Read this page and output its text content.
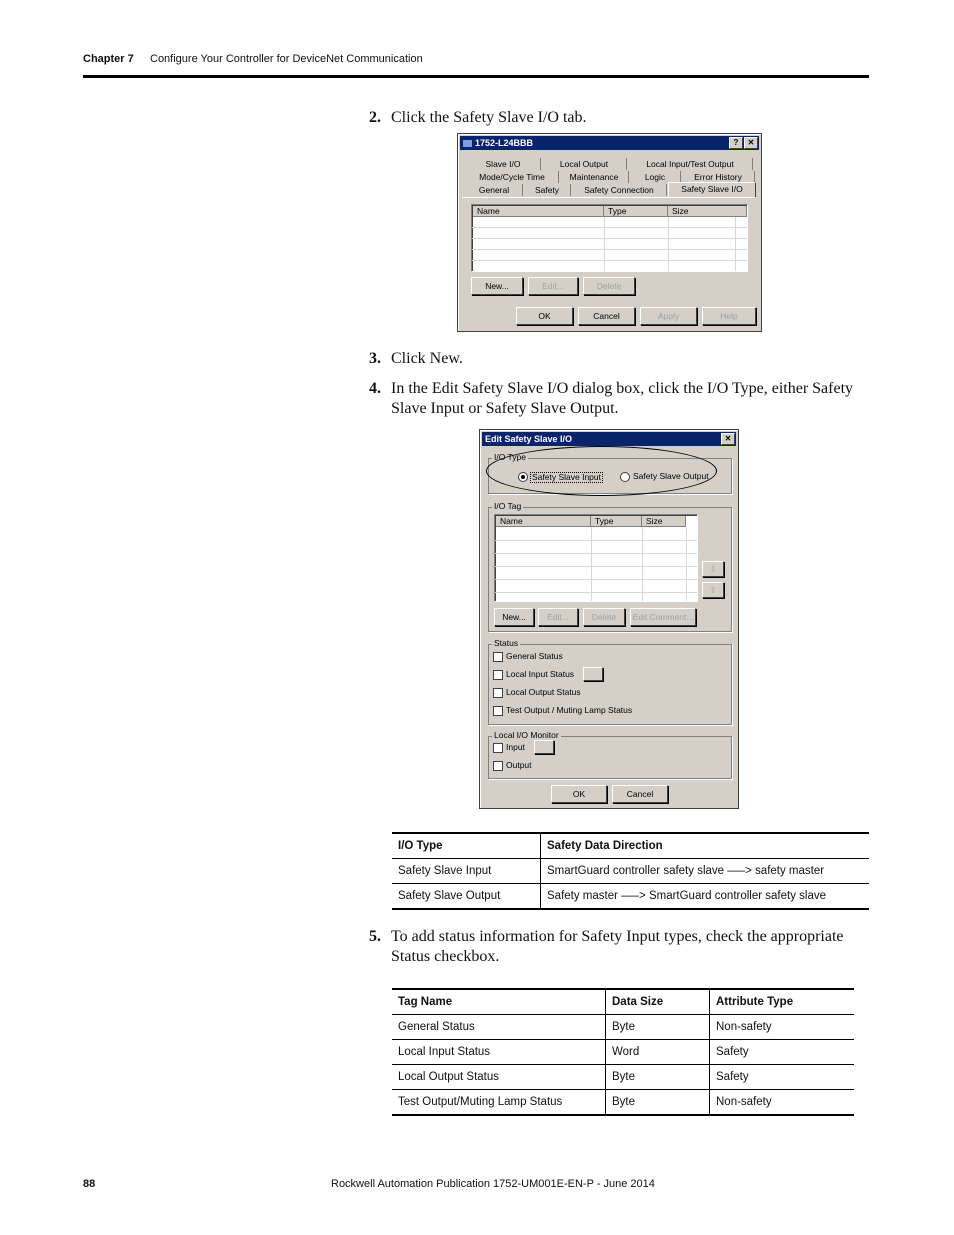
Chapter 7 Configure Your Controller for DeviceNet Communication
2. Click the Safety Slave I/O tab.
1752-L24BBB	?	✕
Slave I/O	Local Output	Local Input/Test Output
Mode/Cycle Time	Maintenance	Logic	Error History
General	Safety	Safety Connection	Safety Slave I/O
Name	Type	Size
New...	Edit...	Delete
OK	Cancel	Apply	Help
3. Click New.
4. In the Edit Safety Slave I/O dialog box, click the I/O Type, either Safety
Slave Input or Safety Slave Output.
Edit Safety Slave I/O	✕
I/O Type
Safety Slave Input	Safety Slave Output
I/O Tag
Name	Type	Size
⇩
⇧
New...	Edit...	Delete	Edit Comment...
Status
General Status
Local Input Status
Local Output Status
Test Output / Muting Lamp Status
Local I/O Monitor
Input
Output
OK	Cancel
I/O Type	Safety Data Direction
Safety Slave Input	SmartGuard controller safety slave —–> safety master
Safety Slave Output	Safety master —–> SmartGuard controller safety slave
5. To add status information for Safety Input types, check the appropriate
Status checkbox.
Tag Name	Data Size	Attribute Type
General Status	Byte	Non-safety
Local Input Status	Word	Safety
Local Output Status	Byte	Safety
Test Output/Muting Lamp Status	Byte	Non-safety
88	Rockwell Automation Publication 1752-UM001E-EN-P - June 2014
